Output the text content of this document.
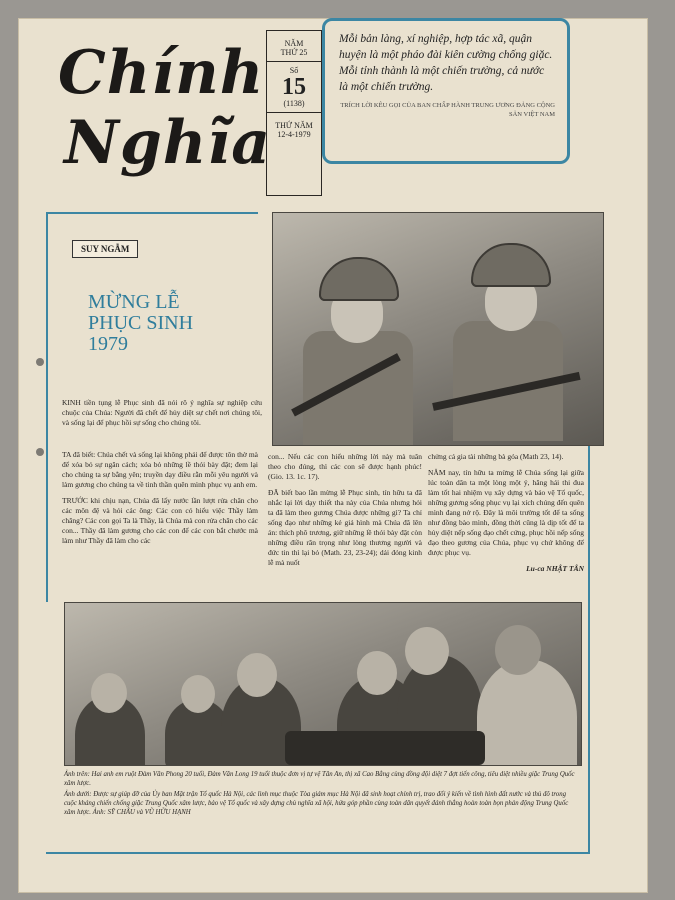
Chính
Nghĩa
NĂM
THỨ 25
Số
15
(1138)
THỨ NĂM
12-4-1979
Mỗi bản làng, xí nghiệp, hợp tác xã, quận huyện là một pháo đài kiên cường chống giặc. Mỗi tỉnh thành là một chiến trường, cả nước là một chiến trường.
TRÍCH LỜI KÊU GỌI CỦA BAN CHẤP HÀNH TRUNG ƯƠNG ĐẢNG CỘNG SẢN VIỆT NAM
SUY NGẪM
MỪNG LỄ
PHỤC SINH
1979
KINH tiền tụng lễ Phục sinh đã nói rõ ý nghĩa sự nghiệp cứu chuộc của Chúa: Người đã chết để hủy diệt sự chết nơi chúng tôi, và sống lại để phục hồi sự sống cho chúng tôi.

TA đã biết: Chúa chết và sống lại không phải để được tôn thờ mà để xóa bỏ sự ngăn cách; xóa bỏ những lề thói bày đặt; đem lại cho chúng ta sự bằng yên; truyền dạy điều rằn mỗi yêu người và làm gương cho chúng ta về tinh thần quên mình phục vụ anh em.

TRƯỚC khi chịu nạn, Chúa đã lấy nước lần lượt rửa chân cho các môn đệ và hỏi các ông: Các con có hiểu việc Thầy làm chăng? Các con gọi Ta là Thầy, là Chúa mà con rửa chân cho các con... Thầy đã làm gương cho các con để các con bắt chước mà làm như Thầy đã làm cho các

con... Nếu các con hiểu những lời này mà tuân theo cho đúng, thì các con sẽ được hạnh phúc! (Gio. 13. 1c. 17).

ĐÃ biết bao lần mừng lễ Phục sinh, tín hữu ta đã nhắc lại lời dạy thiết tha này của Chúa nhưng hỏi ta đã làm theo gương Chúa được những gì? Ta chỉ sống đạo như những kẻ giả hình mà Chúa đã lên án: thích phô trương, giữ những lề thói bày đặt còn những điều răn trọng như lòng thương người và đức tin thì lại bỏ (Math. 23, 23-24); dải đóng kinh lễ mà nuốt

chửng cả gia tài những bà góa (Math 23, 14).

NĂM nay, tín hữu ta mừng lễ Chúa sống lại giữa lúc toàn dân ta một lòng một ý, hăng hái thi đua làm tốt hai nhiệm vụ xây dựng và bảo vệ Tổ quốc, những gương sống phục vụ lại xích chúng đến quên mình đang nở rộ. Đây là môi trường tốt để ta sống như đồng bào mình, đồng thời cũng là dịp tốt để ta hủy diệt nếp sống đạo chết cứng, phục hồi nếp sống đạo theo gương của Chúa, phục vụ chứ không để được phục vụ.

Lu-ca NHẬT TÂN

Ảnh trên: Hai anh em ruột Đàm Văn Phong 20 tuổi, Đàm Văn Long 19 tuổi thuộc đơn vị tự vệ Tân An, thị xã Cao Bằng cùng đồng đội diệt 7 đợt tiến công, tiêu diệt nhiều giặc Trung Quốc xâm lược.

Ảnh dưới: Được sự giúp đỡ của Ủy ban Mặt trận Tổ quốc Hà Nội, các linh mục thuộc Tòa giám mục Hà Nội đã sinh hoạt chính trị, trao đổi ý kiến về tình hình đất nước và thủ đô trong cuộc kháng chiến chống giặc Trung Quốc xâm lược, bảo vệ Tổ quốc và xây dựng chủ nghĩa xã hội, hứa góp phần cùng toàn dân quyết đánh thắng hoàn toàn bọn phản động Trung Quốc xâm lược. Ảnh: SỸ CHÂU và VŨ HỮU HẠNH
